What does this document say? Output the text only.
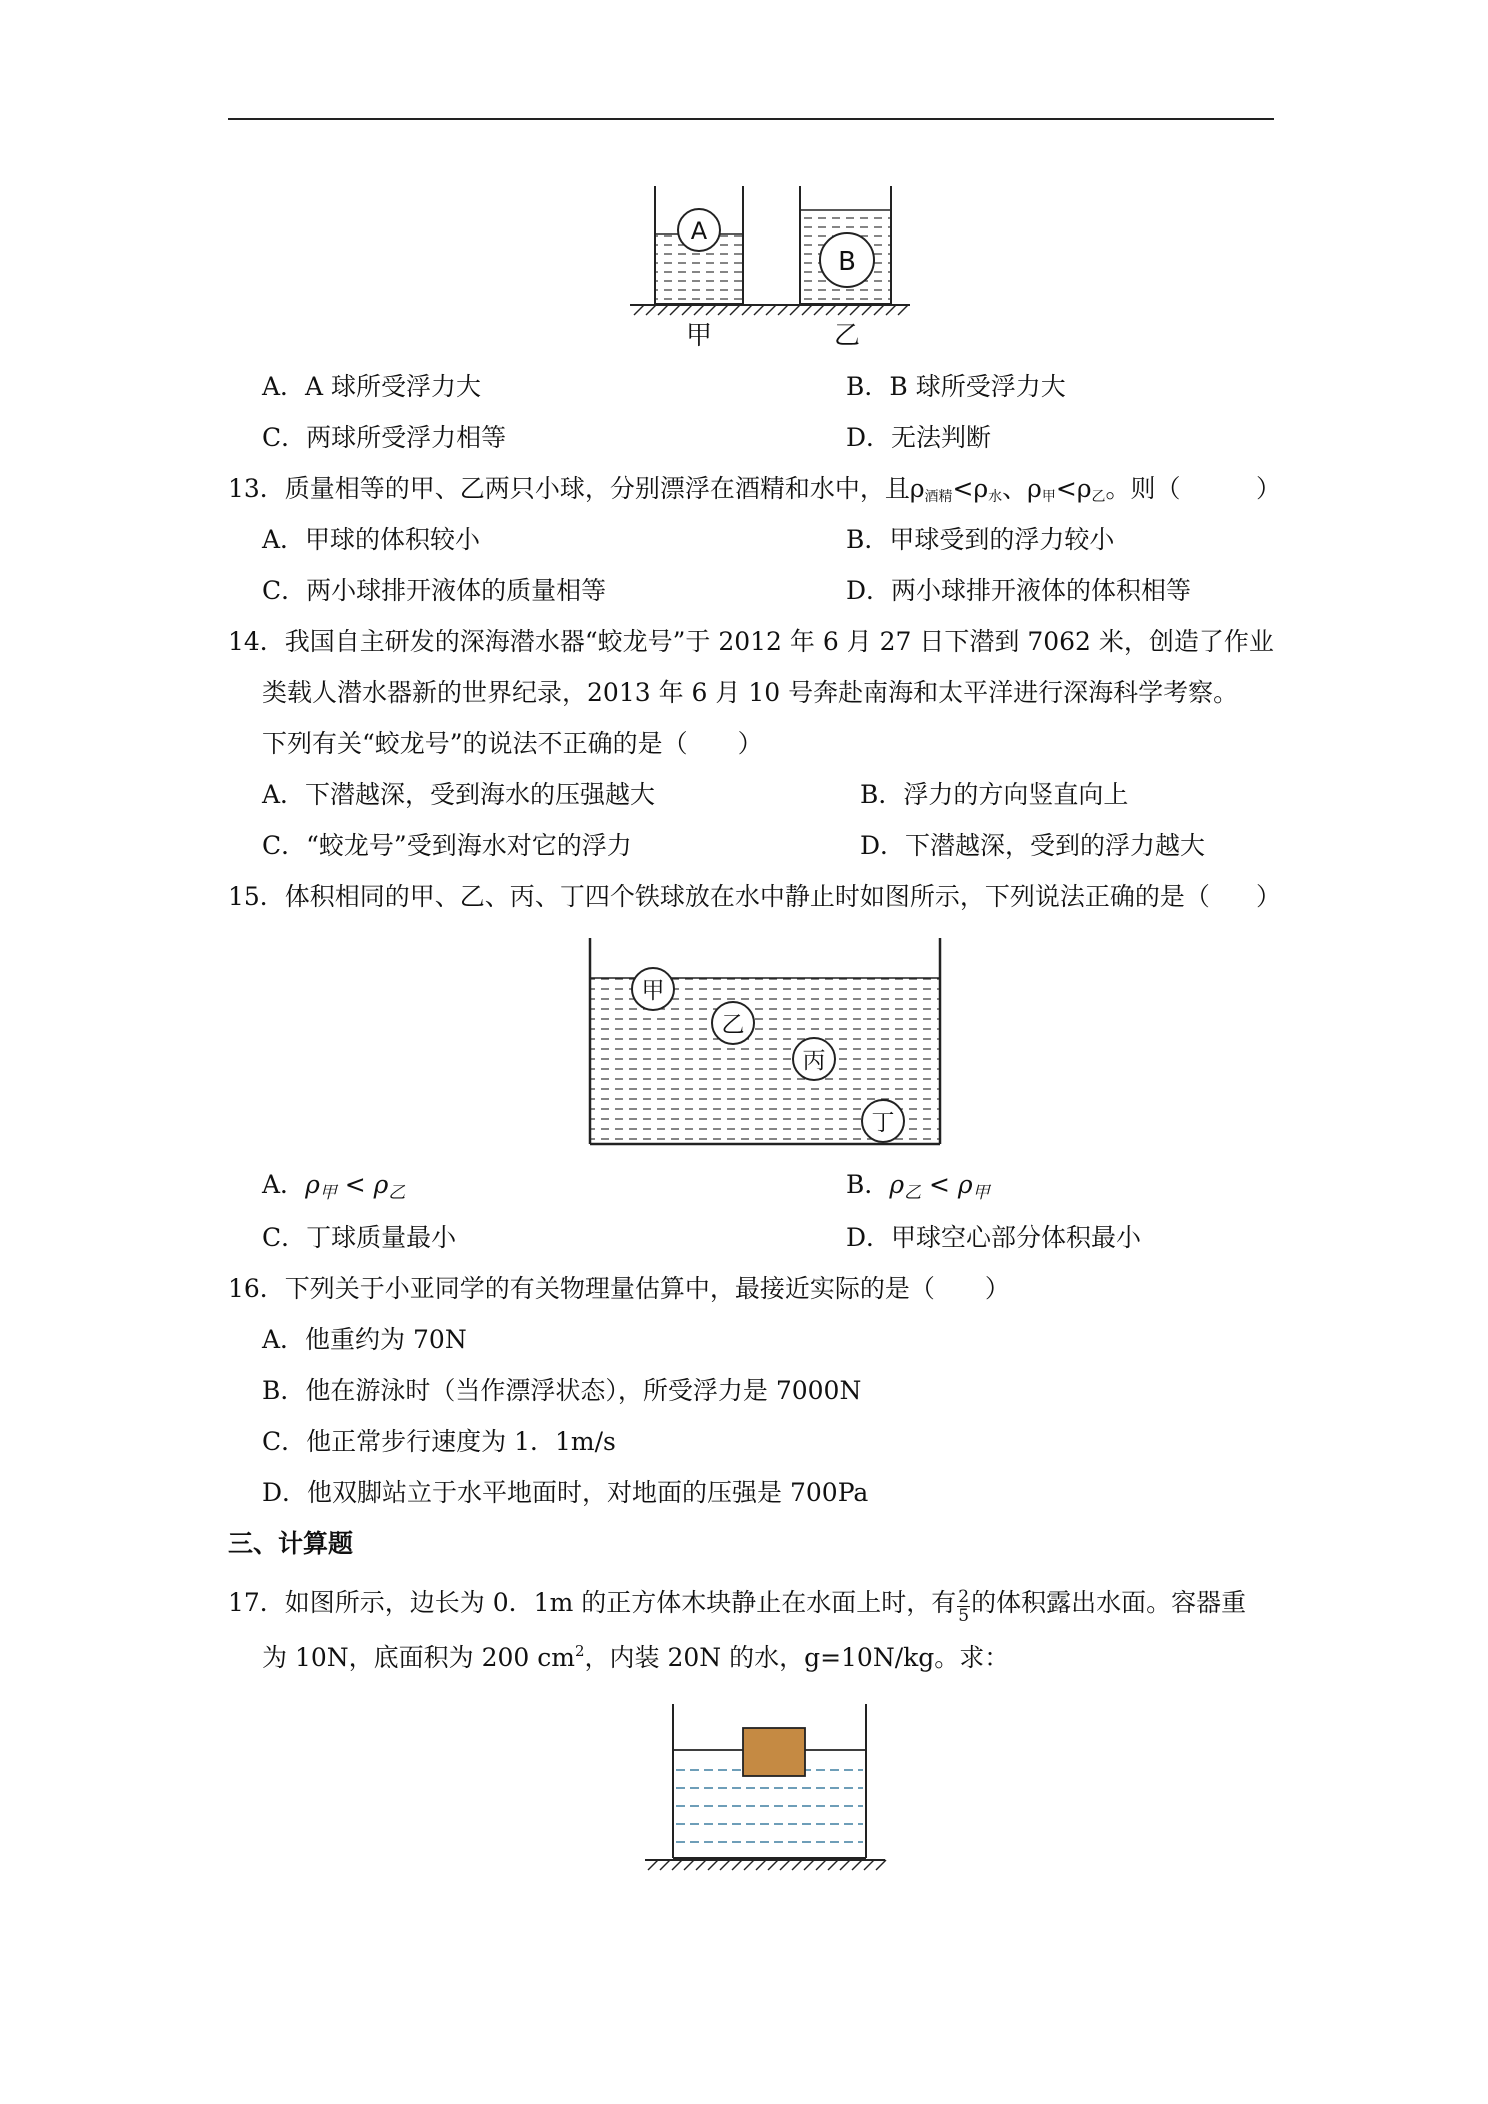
A
B
甲	乙
A．A 球所受浮力大	B．B 球所受浮力大
C．两球所受浮力相等	D．无法判断
13．质量相等的甲、乙两只小球，分别漂浮在酒精和水中，且$\rho_{酒精}<\rho_水$、$\rho_甲<\rho_乙$。则（	）
A．甲球的体积较小	B．甲球受到的浮力较小
C．两小球排开液体的质量相等	D．两小球排开液体的体积相等
14．我国自主研发的深海潜水器“蛟龙号”于 2012 年 6 月 27 日下潜到 7062 米，创造了作业
类载人潜水器新的世界纪录，2013 年 6 月 10 号奔赴南海和太平洋进行深海科学考察。
下列有关“蛟龙号”的说法不正确的是（　　）
A．下潜越深，受到海水的压强越大	B．浮力的方向竖直向上
C．“蛟龙号”受到海水对它的浮力	D．下潜越深，受到的浮力越大
15．体积相同的甲、乙、丙、丁四个铁球放在水中静止时如图所示，下列说法正确的是（ ）
甲
乙
丙
丁
A．$\rho_甲 < \rho_乙$	B．$\rho_乙 < \rho_甲$
C．丁球质量最小	D．甲球空心部分体积最小
16．下列关于小亚同学的有关物理量估算中，最接近实际的是（　　）
A．他重约为 70N
B．他在游泳时（当作漂浮状态），所受浮力是 7000N
C．他正常步行速度为 1．1m/s
D．他双脚站立于水平地面时，对地面的压强是 700Pa
三、计算题
17．如图所示，边长为 0．1m 的正方体木块静止在水面上时，有 $\frac{2}{5}$ 的体积露出水面。容器重
为 10N，底面积为 200 $cm^2$，内装 20N 的水，g=10N/kg。求：
